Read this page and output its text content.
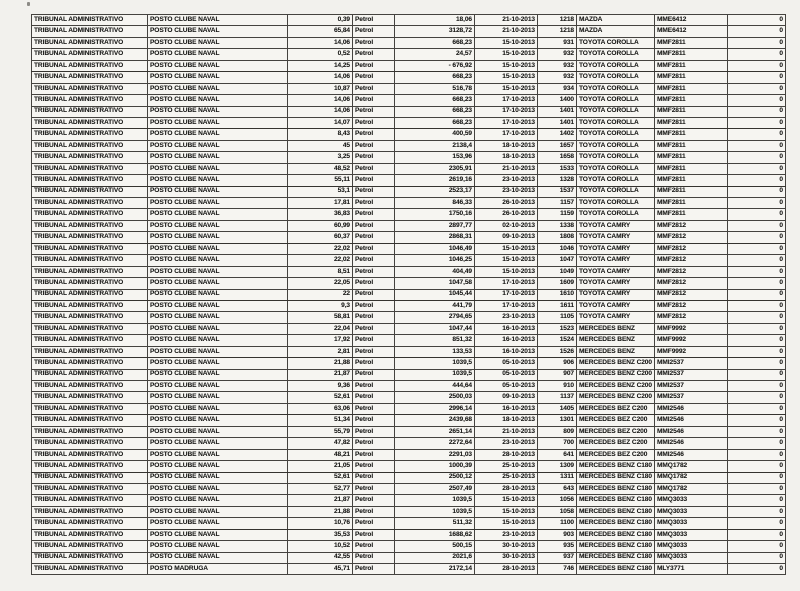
TRIBUNAL ADMINISTRATIVO	POSTO CLUBE NAVAL	0,39	Petrol	18,06	21-10-2013	1218	MAZDA	MME6412	0
TRIBUNAL ADMINISTRATIVO	POSTO CLUBE NAVAL	65,84	Petrol	3128,72	21-10-2013	1218	MAZDA	MME6412	0
TRIBUNAL ADMINISTRATIVO	POSTO CLUBE NAVAL	14,06	Petrol	668,23	15-10-2013	931	TOYOTA COROLLA	MMF2811	0
TRIBUNAL ADMINISTRATIVO	POSTO CLUBE NAVAL	0,52	Petrol	24,57	15-10-2013	932	TOYOTA COROLLA	MMF2811	0
TRIBUNAL ADMINISTRATIVO	POSTO CLUBE NAVAL	14,25	Petrol	- 676,92	15-10-2013	932	TOYOTA COROLLA	MMF2811	0
TRIBUNAL ADMINISTRATIVO	POSTO CLUBE NAVAL	14,06	Petrol	668,23	15-10-2013	932	TOYOTA COROLLA	MMF2811	0
TRIBUNAL ADMINISTRATIVO	POSTO CLUBE NAVAL	10,87	Petrol	516,78	15-10-2013	934	TOYOTA COROLLA	MMF2811	0
TRIBUNAL ADMINISTRATIVO	POSTO CLUBE NAVAL	14,06	Petrol	668,23	17-10-2013	1400	TOYOTA COROLLA	MMF2811	0
TRIBUNAL ADMINISTRATIVO	POSTO CLUBE NAVAL	14,06	Petrol	668,23	17-10-2013	1401	TOYOTA COROLLA	MMF2811	0
TRIBUNAL ADMINISTRATIVO	POSTO CLUBE NAVAL	14,07	Petrol	668,23	17-10-2013	1401	TOYOTA COROLLA	MMF2811	0
TRIBUNAL ADMINISTRATIVO	POSTO CLUBE NAVAL	8,43	Petrol	400,59	17-10-2013	1402	TOYOTA COROLLA	MMF2811	0
TRIBUNAL ADMINISTRATIVO	POSTO CLUBE NAVAL	45	Petrol	2138,4	18-10-2013	1657	TOYOTA COROLLA	MMF2811	0
TRIBUNAL ADMINISTRATIVO	POSTO CLUBE NAVAL	3,25	Petrol	153,96	18-10-2013	1658	TOYOTA COROLLA	MMF2811	0
TRIBUNAL ADMINISTRATIVO	POSTO CLUBE NAVAL	48,52	Petrol	2305,91	21-10-2013	1533	TOYOTA COROLLA	MMF2811	0
TRIBUNAL ADMINISTRATIVO	POSTO CLUBE NAVAL	55,11	Petrol	2619,16	23-10-2013	1328	TOYOTA COROLLA	MMF2811	0
TRIBUNAL ADMINISTRATIVO	POSTO CLUBE NAVAL	53,1	Petrol	2523,17	23-10-2013	1537	TOYOTA COROLLA	MMF2811	0
TRIBUNAL ADMINISTRATIVO	POSTO CLUBE NAVAL	17,81	Petrol	846,33	26-10-2013	1157	TOYOTA COROLLA	MMF2811	0
TRIBUNAL ADMINISTRATIVO	POSTO CLUBE NAVAL	36,83	Petrol	1750,16	26-10-2013	1159	TOYOTA COROLLA	MMF2811	0
TRIBUNAL ADMINISTRATIVO	POSTO CLUBE NAVAL	60,99	Petrol	2897,77	02-10-2013	1338	TOYOTA CAMRY	MMF2812	0
TRIBUNAL ADMINISTRATIVO	POSTO CLUBE NAVAL	60,37	Petrol	2868,31	09-10-2013	1808	TOYOTA CAMRY	MMF2812	0
TRIBUNAL ADMINISTRATIVO	POSTO CLUBE NAVAL	22,02	Petrol	1046,49	15-10-2013	1046	TOYOTA CAMRY	MMF2812	0
TRIBUNAL ADMINISTRATIVO	POSTO CLUBE NAVAL	22,02	Petrol	1046,25	15-10-2013	1047	TOYOTA CAMRY	MMF2812	0
TRIBUNAL ADMINISTRATIVO	POSTO CLUBE NAVAL	8,51	Petrol	404,49	15-10-2013	1049	TOYOTA CAMRY	MMF2812	0
TRIBUNAL ADMINISTRATIVO	POSTO CLUBE NAVAL	22,05	Petrol	1047,58	17-10-2013	1609	TOYOTA CAMRY	MMF2812	0
TRIBUNAL ADMINISTRATIVO	POSTO CLUBE NAVAL	22	Petrol	1045,44	17-10-2013	1610	TOYOTA CAMRY	MMF2812	0
TRIBUNAL ADMINISTRATIVO	POSTO CLUBE NAVAL	9,3	Petrol	441,79	17-10-2013	1611	TOYOTA CAMRY	MMF2812	0
TRIBUNAL ADMINISTRATIVO	POSTO CLUBE NAVAL	58,81	Petrol	2794,65	23-10-2013	1105	TOYOTA CAMRY	MMF2812	0
TRIBUNAL ADMINISTRATIVO	POSTO CLUBE NAVAL	22,04	Petrol	1047,44	16-10-2013	1523	MERCEDES BENZ	MMF9992	0
TRIBUNAL ADMINISTRATIVO	POSTO CLUBE NAVAL	17,92	Petrol	851,32	16-10-2013	1524	MERCEDES BENZ	MMF9992	0
TRIBUNAL ADMINISTRATIVO	POSTO CLUBE NAVAL	2,81	Petrol	133,53	16-10-2013	1526	MERCEDES BENZ	MMF9992	0
TRIBUNAL ADMINISTRATIVO	POSTO CLUBE NAVAL	21,88	Petrol	1039,5	05-10-2013	906	MERCEDES BENZ C200	MMI2537	0
TRIBUNAL ADMINISTRATIVO	POSTO CLUBE NAVAL	21,87	Petrol	1039,5	05-10-2013	907	MERCEDES BENZ C200	MMI2537	0
TRIBUNAL ADMINISTRATIVO	POSTO CLUBE NAVAL	9,36	Petrol	444,64	05-10-2013	910	MERCEDES BENZ C200	MMI2537	0
TRIBUNAL ADMINISTRATIVO	POSTO CLUBE NAVAL	52,61	Petrol	2500,03	09-10-2013	1137	MERCEDES BENZ C200	MMI2537	0
TRIBUNAL ADMINISTRATIVO	POSTO CLUBE NAVAL	63,06	Petrol	2996,14	16-10-2013	1405	MERCEDES BEZ C200	MMI2546	0
TRIBUNAL ADMINISTRATIVO	POSTO CLUBE NAVAL	51,34	Petrol	2439,68	18-10-2013	1301	MERCEDES BEZ C200	MMI2546	0
TRIBUNAL ADMINISTRATIVO	POSTO CLUBE NAVAL	55,79	Petrol	2651,14	21-10-2013	809	MERCEDES BEZ C200	MMI2546	0
TRIBUNAL ADMINISTRATIVO	POSTO CLUBE NAVAL	47,82	Petrol	2272,64	23-10-2013	700	MERCEDES BEZ C200	MMI2546	0
TRIBUNAL ADMINISTRATIVO	POSTO CLUBE NAVAL	48,21	Petrol	2291,03	28-10-2013	641	MERCEDES BEZ C200	MMI2546	0
TRIBUNAL ADMINISTRATIVO	POSTO CLUBE NAVAL	21,05	Petrol	1000,39	25-10-2013	1309	MERCEDES BENZ C180	MMQ1782	0
TRIBUNAL ADMINISTRATIVO	POSTO CLUBE NAVAL	52,61	Petrol	2500,12	25-10-2013	1311	MERCEDES BENZ C180	MMQ1782	0
TRIBUNAL ADMINISTRATIVO	POSTO CLUBE NAVAL	52,77	Petrol	2507,49	28-10-2013	643	MERCEDES BENZ C180	MMQ1782	0
TRIBUNAL ADMINISTRATIVO	POSTO CLUBE NAVAL	21,87	Petrol	1039,5	15-10-2013	1056	MERCEDES BENZ C180	MMQ3033	0
TRIBUNAL ADMINISTRATIVO	POSTO CLUBE NAVAL	21,88	Petrol	1039,5	15-10-2013	1058	MERCEDES BENZ C180	MMQ3033	0
TRIBUNAL ADMINISTRATIVO	POSTO CLUBE NAVAL	10,76	Petrol	511,32	15-10-2013	1100	MERCEDES BENZ C180	MMQ3033	0
TRIBUNAL ADMINISTRATIVO	POSTO CLUBE NAVAL	35,53	Petrol	1688,62	23-10-2013	903	MERCEDES BENZ C180	MMQ3033	0
TRIBUNAL ADMINISTRATIVO	POSTO CLUBE NAVAL	10,52	Petrol	500,15	30-10-2013	935	MERCEDES BENZ C180	MMQ3033	0
TRIBUNAL ADMINISTRATIVO	POSTO CLUBE NAVAL	42,55	Petrol	2021,6	30-10-2013	937	MERCEDES BENZ C180	MMQ3033	0
TRIBUNAL ADMINISTRATIVO	POSTO MADRUGA	45,71	Petrol	2172,14	28-10-2013	746	MERCEDES BENZ C180	MLY3771	0
